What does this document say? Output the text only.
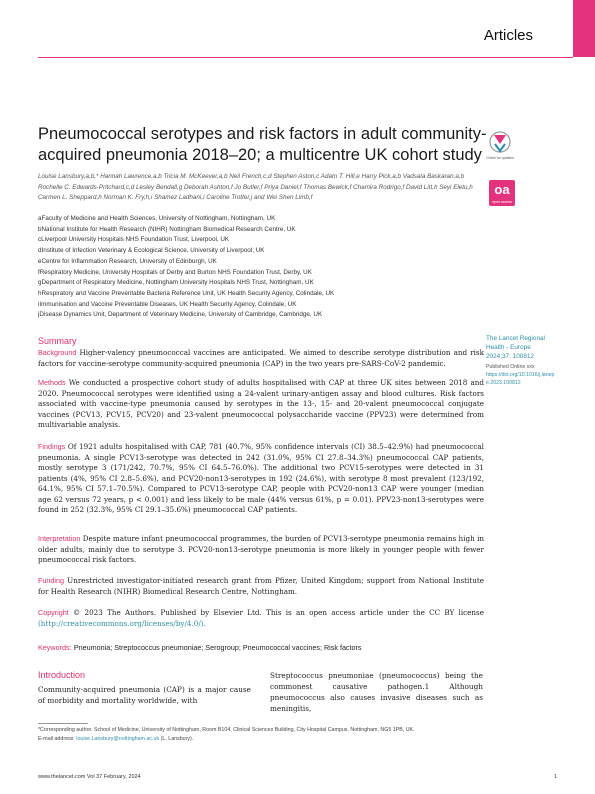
Articles
Pneumococcal serotypes and risk factors in adult community-acquired pneumonia 2018–20; a multicentre UK cohort study	Check for updates
oa
open access
Louise Lansbury,a,b,* Hannah Lawrence,a,b Tricia M. McKeever,a,b Neil French,c,d Stephen Aston,c Adam T. Hill,e Harry Pick,a,b Vadsala Baskaran,a,b Rochelle C. Edwards-Pritchard,c,d Lesley Bendall,g Deborah Ashton,f Jo Butler,f Priya Daniel,f Thomas Bewick,f Chamira Rodrigo,f David Litt,h Seyi Eletu,h Carmen L. Sheppard,h Norman K. Fry,h,i Shamez Ladhani,i Caroline Trotter,j and Wei Shen Limb,f
aFaculty of Medicine and Health Sciences, University of Nottingham, Nottingham, UK
bNational Institute for Health Research (NIHR) Nottingham Biomedical Research Centre, UK
cLiverpool University Hospitals NHS Foundation Trust, Liverpool, UK
dInstitute of Infection Veterinary & Ecological Science, University of Liverpool, UK
eCentre for Inflammation Research, University of Edinburgh, UK
fRespiratory Medicine, University Hospitals of Derby and Burton NHS Foundation Trust, Derby, UK
gDepartment of Respiratory Medicine, Nottingham University Hospitals NHS Trust, Nottingham, UK
hRespiratory and Vaccine Preventable Bacteria Reference Unit, UK Health Security Agency, Colindale, UK
iImmunisation and Vaccine Preventable Diseases, UK Health Security Agency, Colindale, UK
jDisease Dynamics Unit, Department of Veterinary Medicine, University of Cambridge, Cambridge, UK
The Lancet Regional Health - Europe
2024;37: 100812
Published Online xxx
https://doi.org/10.1016/j.lanepe.2023.100812
Summary

Background Higher-valency pneumococcal vaccines are anticipated. We aimed to describe serotype distribution and risk factors for vaccine-serotype community-acquired pneumonia (CAP) in the two years pre-SARS-CoV-2 pandemic.

Methods We conducted a prospective cohort study of adults hospitalised with CAP at three UK sites between 2018 and 2020. Pneumococcal serotypes were identified using a 24-valent urinary-antigen assay and blood cultures. Risk factors associated with vaccine-type pneumonia caused by serotypes in the 13-, 15- and 20-valent pneumococcal conjugate vaccines (PCV13, PCV15, PCV20) and 23-valent pneumococcal polysaccharide vaccine (PPV23) were determined from multivariable analysis.

Findings Of 1921 adults hospitalised with CAP, 781 (40.7%, 95% confidence intervals (CI) 38.5–42.9%) had pneumococcal pneumonia. A single PCV13-serotype was detected in 242 (31.0%, 95% CI 27.8–34.3%) pneumococcal CAP patients, mostly serotype 3 (171/242, 70.7%, 95% CI 64.5–76.0%). The additional two PCV15-serotypes were detected in 31 patients (4%, 95% CI 2.8–5.6%), and PCV20-non13-serotypes in 192 (24.6%), with serotype 8 most prevalent (123/192, 64.1%, 95% CI 57.1–70.5%). Compared to PCV13-serotype CAP, people with PCV20-non13 CAP were younger (median age 62 versus 72 years, p < 0.001) and less likely to be male (44% versus 61%, p = 0.01). PPV23-non13-serotypes were found in 252 (32.3%, 95% CI 29.1–35.6%) pneumococcal CAP patients.

Interpretation Despite mature infant pneumococcal programmes, the burden of PCV13-serotype pneumonia remains high in older adults, mainly due to serotype 3. PCV20-non13-serotype pneumonia is more likely in younger people with fewer pneumococcal risk factors.

Funding Unrestricted investigator-initiated research grant from Pfizer, United Kingdom; support from National Institute for Health Research (NIHR) Biomedical Research Centre, Nottingham.

Copyright © 2023 The Authors. Published by Elsevier Ltd. This is an open access article under the CC BY license (http://creativecommons.org/licenses/by/4.0/).

Keywords: Pneumonia; Streptococcus pneumoniae; Serogroup; Pneumococcal vaccines; Risk factors

Introduction

Community-acquired pneumonia (CAP) is a major cause of morbidity and mortality worldwide, with

Streptococcus pneumoniae (pneumococcus) being the commonest causative pathogen.1 Although pneumococcus also causes invasive diseases such as meningitis,

*Corresponding author. School of Medicine, University of Nottingham, Room B104, Clinical Sciences Building, City Hospital Campus, Nottingham, NG5 1PB, UK.
E-mail address: louise.Lansbury@nottingham.ac.uk (L. Lansbury).
www.thelancet.com Vol 37 February, 2024	1
